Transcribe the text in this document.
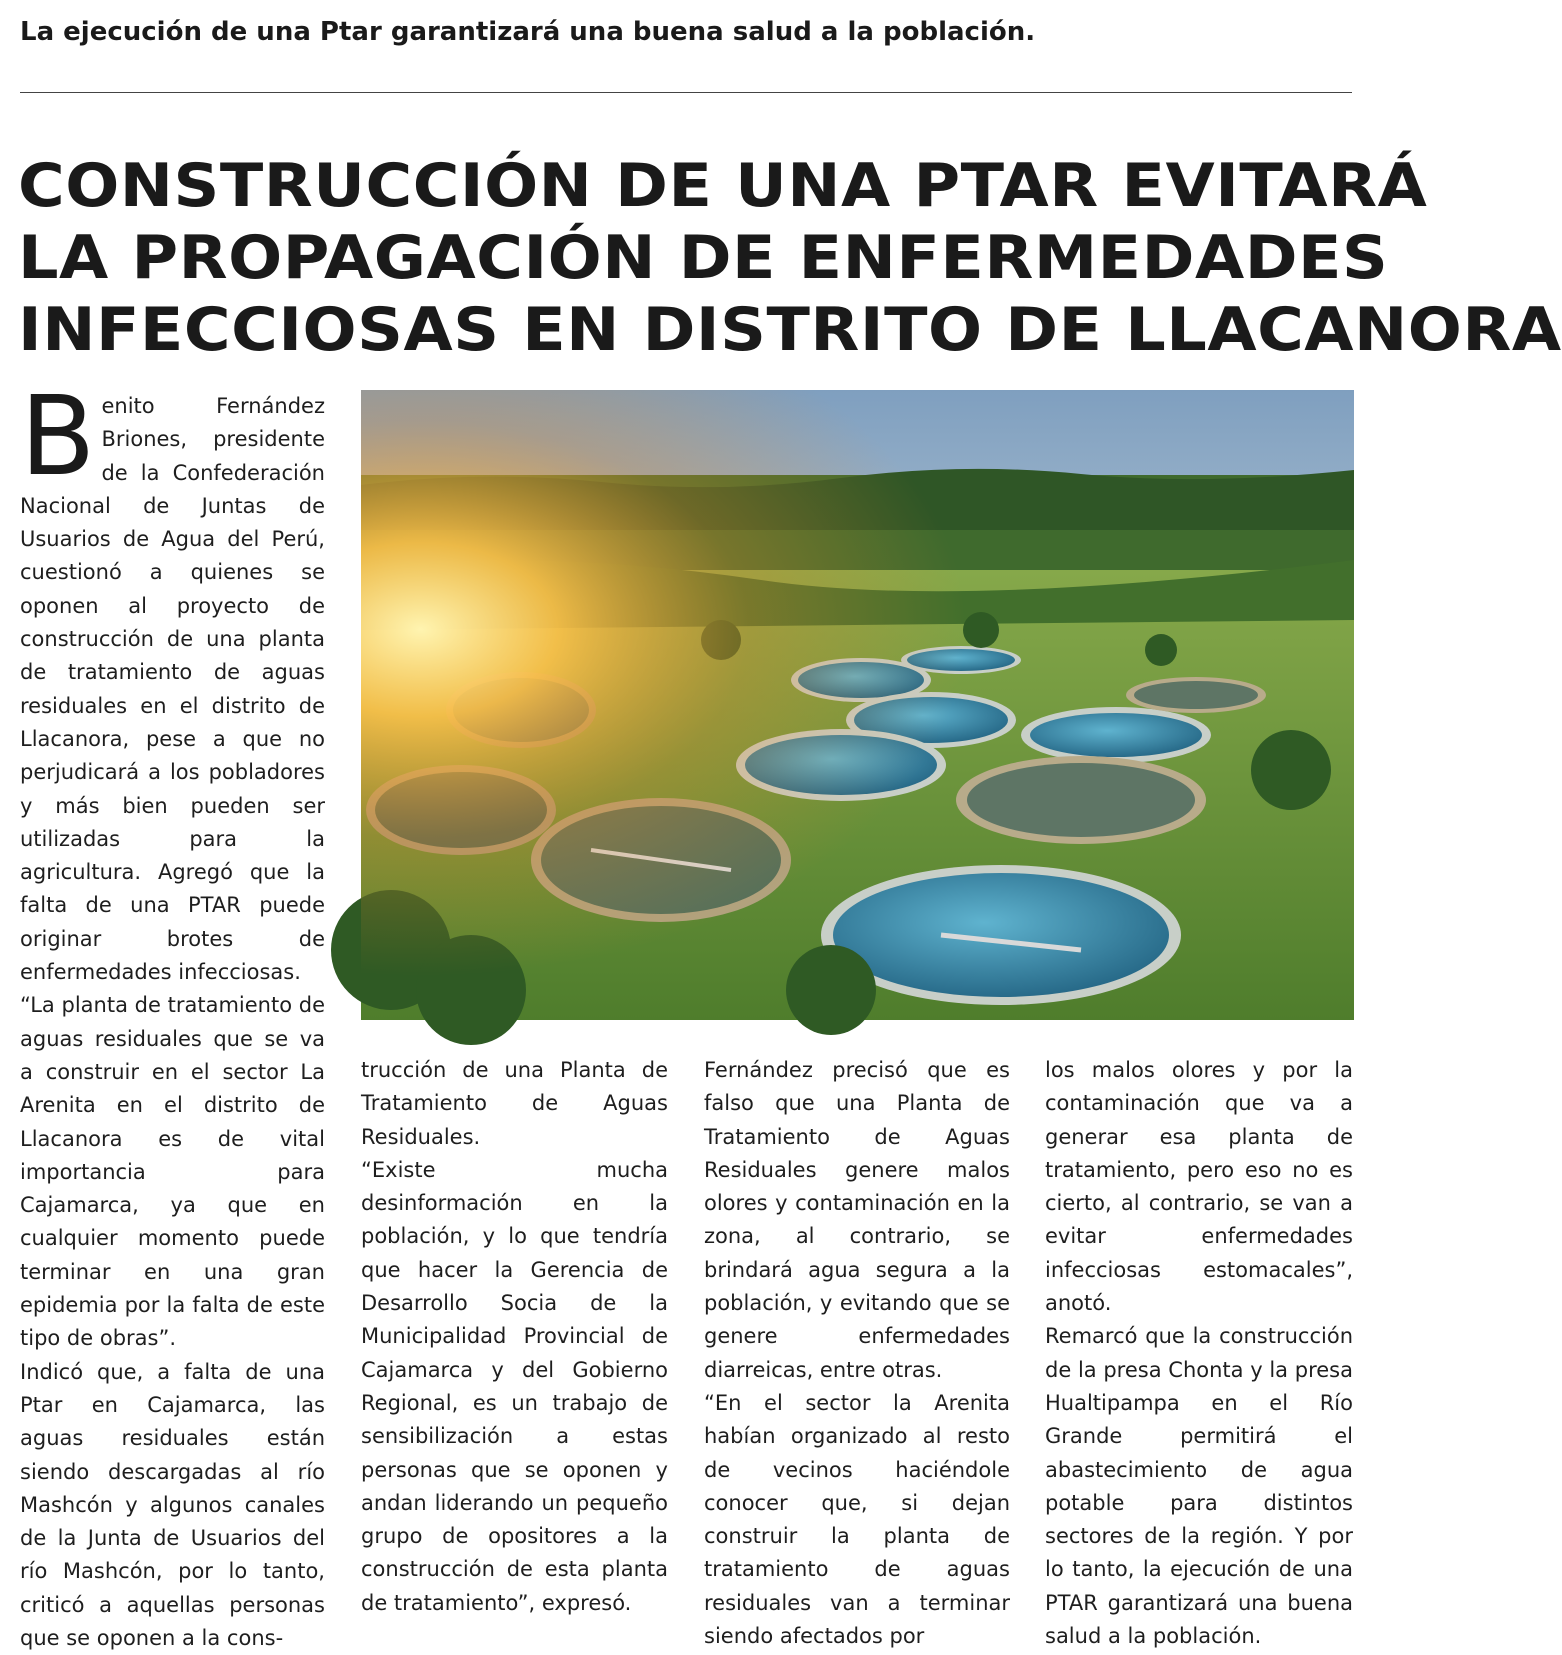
La ejecución de una Ptar garantizará una buena salud a la población.
CONSTRUCCIÓN DE UNA PTAR EVITARÁ
LA PROPAGACIÓN DE ENFERMEDADES
INFECCIOSAS EN DISTRITO DE LLACANORA

Benito Fernández Briones, presidente de la Confederación Nacional de Juntas de Usuarios de Agua del Perú, cuestionó a quienes se oponen al proyecto de construcción de una planta de tratamiento de aguas residuales en el distrito de Llacanora, pese a que no perjudicará a los pobladores y más bien pueden ser utilizadas para la agricultura. Agregó que la falta de una PTAR puede originar brotes de enfermedades infecciosas.

“La planta de tratamiento de aguas residuales que se va a construir en el sector La Arenita en el distrito de Llacanora es de vital importancia para Cajamarca, ya que en cualquier momento puede terminar en una gran epidemia por la falta de este tipo de obras”.

Indicó que, a falta de una Ptar en Cajamarca, las aguas residuales están siendo descargadas al río Mashcón y algunos canales de la Junta de Usuarios del río Mashcón, por lo tanto, criticó a aquellas personas que se oponen a la cons-

trucción de una Planta de Tratamiento de Aguas Residuales.

“Existe mucha desinformación en la población, y lo que tendría que hacer la Gerencia de Desarrollo Socia de la Municipalidad Provincial de Cajamarca y del Gobierno Regional, es un trabajo de sensibilización a estas personas que se oponen y andan liderando un pequeño grupo de opositores a la construcción de esta planta de tratamiento”, expresó.

Fernández precisó que es falso que una Planta de Tratamiento de Aguas Residuales genere malos olores y contaminación en la zona, al contrario, se brindará agua segura a la población, y evitando que se genere enfermedades diarreicas, entre otras.

“En el sector la Arenita habían organizado al resto de vecinos haciéndole conocer que, si dejan construir la planta de tratamiento de aguas residuales van a terminar siendo afectados por

los malos olores y por la contaminación que va a generar esa planta de tratamiento, pero eso no es cierto, al contrario, se van a evitar enfermedades infecciosas estomacales”, anotó.

Remarcó que la construcción de la presa Chonta y la presa Hualtipampa en el Río Grande permitirá el abastecimiento de agua potable para distintos sectores de la región. Y por lo tanto, la ejecución de una PTAR garantizará una buena salud a la población.
